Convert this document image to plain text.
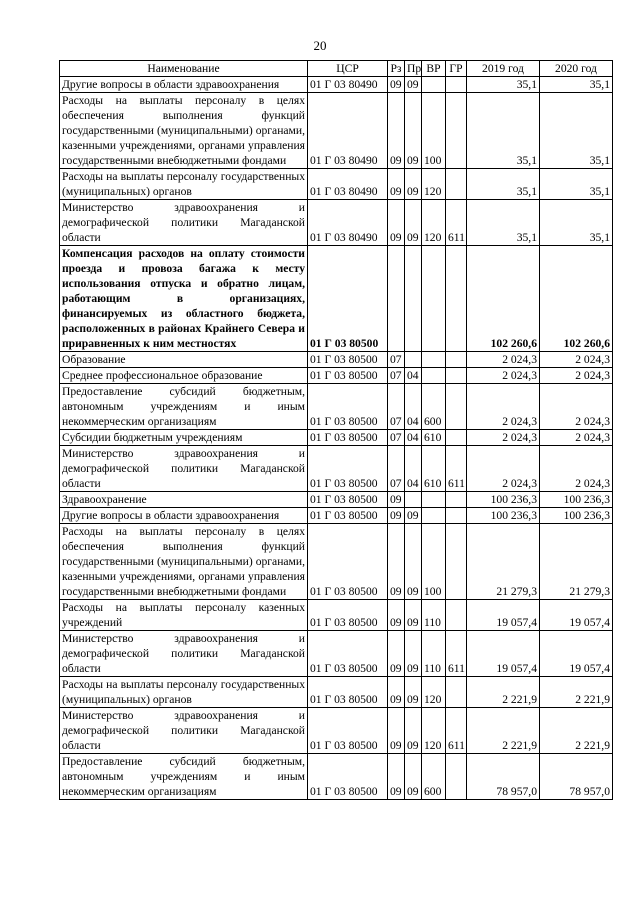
20
Наименование	ЦСР	Рз	Пр	ВР	ГР	2019 год	2020 год
Другие вопросы в области здравоохранения	01 Г 03 80490	09	09			35,1	35,1
Расходы на выплаты персоналу в целях обеспечения выполнения функций государственными (муниципальными) органами, казенными учреждениями, органами управления государственными внебюджетными фондами	01 Г 03 80490	09	09	100		35,1	35,1
Расходы на выплаты персоналу государственных (муниципальных) органов	01 Г 03 80490	09	09	120		35,1	35,1
Министерство здравоохранения и демографической политики Магаданской области	01 Г 03 80490	09	09	120	611	35,1	35,1
Компенсация расходов на оплату стоимости проезда и провоза багажа к месту использования отпуска и обратно лицам, работающим в организациях, финансируемых из областного бюджета, расположенных в районах Крайнего Севера и приравненных к ним местностях	01 Г 03 80500					102 260,6	102 260,6
Образование	01 Г 03 80500	07				2 024,3	2 024,3
Среднее профессиональное образование	01 Г 03 80500	07	04			2 024,3	2 024,3
Предоставление субсидий бюджетным, автономным учреждениям и иным некоммерческим организациям	01 Г 03 80500	07	04	600		2 024,3	2 024,3
Субсидии бюджетным учреждениям	01 Г 03 80500	07	04	610		2 024,3	2 024,3
Министерство здравоохранения и демографической политики Магаданской области	01 Г 03 80500	07	04	610	611	2 024,3	2 024,3
Здравоохранение	01 Г 03 80500	09				100 236,3	100 236,3
Другие вопросы в области здравоохранения	01 Г 03 80500	09	09			100 236,3	100 236,3
Расходы на выплаты персоналу в целях обеспечения выполнения функций государственными (муниципальными) органами, казенными учреждениями, органами управления государственными внебюджетными фондами	01 Г 03 80500	09	09	100		21 279,3	21 279,3
Расходы на выплаты персоналу казенных учреждений	01 Г 03 80500	09	09	110		19 057,4	19 057,4
Министерство здравоохранения и демографической политики Магаданской области	01 Г 03 80500	09	09	110	611	19 057,4	19 057,4
Расходы на выплаты персоналу государственных (муниципальных) органов	01 Г 03 80500	09	09	120		2 221,9	2 221,9
Министерство здравоохранения и демографической политики Магаданской области	01 Г 03 80500	09	09	120	611	2 221,9	2 221,9
Предоставление субсидий бюджетным, автономным учреждениям и иным некоммерческим организациям	01 Г 03 80500	09	09	600		78 957,0	78 957,0
